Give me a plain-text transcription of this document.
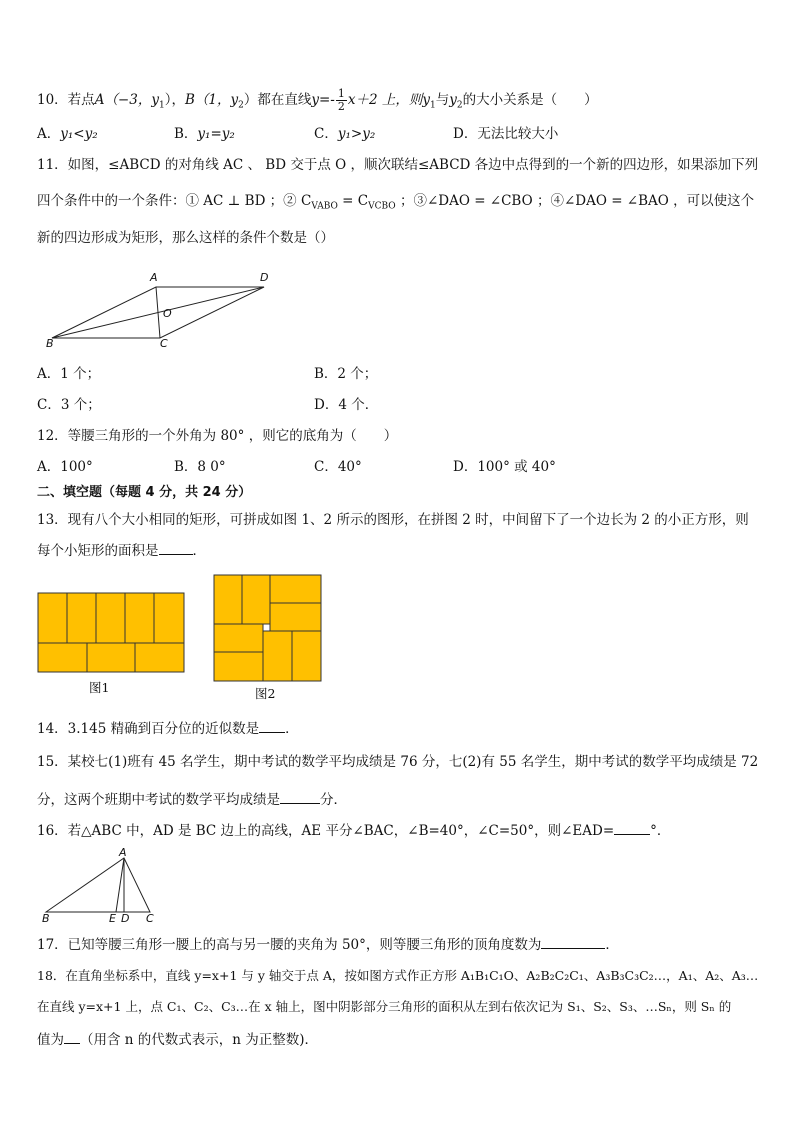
10．若点A（−3，$y_1$），B（1，$y_2$）都在直线$y=- \frac{1}{2} x+2$ 上，则$y_1$与$y_2$的大小关系是（　　）
A．y₁<y₂	B．y₁=y₂	C．y₁>y₂	D．无法比较大小
11．如图，≤ABCD 的对角线 AC 、 BD 交于点 O ，顺次联结≤ABCD 各边中点得到的一个新的四边形，如果添加下列
四个条件中的一个条件：① AC ⊥ BD ；② $C_{VABO} = C_{VCBO}$ ；③∠DAO = ∠CBO ；④∠DAO = ∠BAO ，可以使这个
新的四边形成为矩形，那么这样的条件个数是（）
A	D
O
B	C
A．1 个；	B．2 个；
C．3 个；	D．4 个．
12．等腰三角形的一个外角为 80° ，则它的底角为（　　）
A．100°	B．8 0°	C．40°	D．100° 或 40°
二、填空题（每题 4 分，共 24 分）
13．现有八个大小相同的矩形，可拼成如图 1、2 所示的图形，在拼图 2 时，中间留下了一个边长为 2 的小正方形，则
每个小矩形的面积是	．
图1	图2
14．3.145 精确到百分位的近似数是 ．
15．某校七(1)班有 45 名学生，期中考试的数学平均成绩是 76 分，七(2)有 55 名学生，期中考试的数学平均成绩是 72
分，这两个班期中考试的数学平均成绩是	分．
16．若△ABC 中，AD 是 BC 边上的高线，AE 平分∠BAC，∠B=40°，∠C=50°，则∠EAD=	°．
A
B	E D C
17．已知等腰三角形一腰上的高与另一腰的夹角为 50°，则等腰三角形的顶角度数为	．
18．在直角坐标系中，直线 y=x+1 与 y 轴交于点 A，按如图方式作正方形 A₁B₁C₁O、A₂B₂C₂C₁、A₃B₃C₃C₂…，A₁、A₂、A₃…
在直线 y=x+1 上，点 C₁、C₂、C₃…在 x 轴上，图中阴影部分三角形的面积从左到右依次记为 S₁、S₂、S₃、…Sₙ，则 Sₙ 的
值为 （用含 n 的代数式表示，n 为正整数)．
